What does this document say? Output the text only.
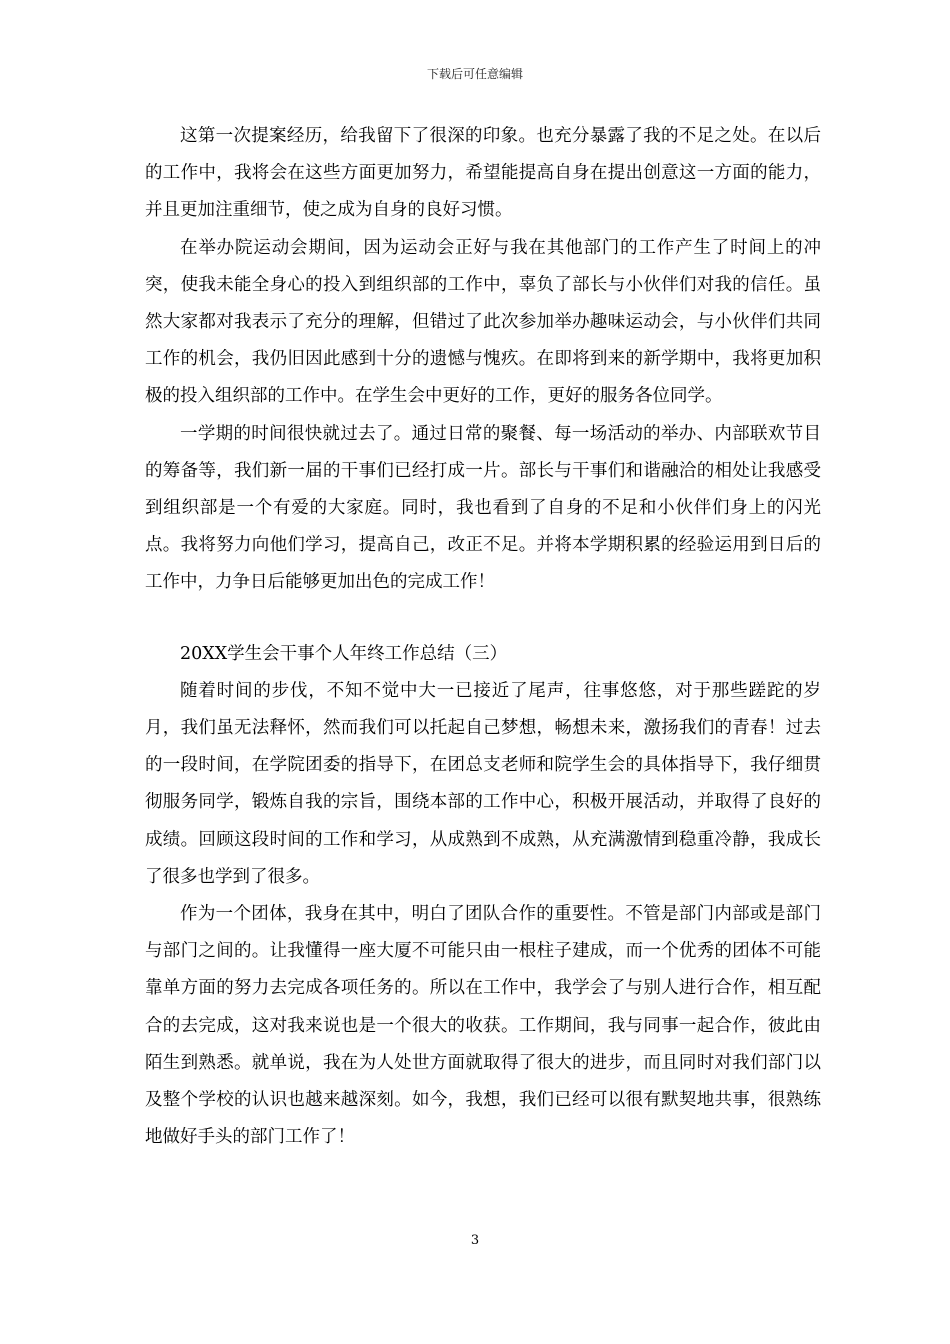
下载后可任意编辑

这第一次提案经历，给我留下了很深的印象。也充分暴露了我的不足之处。在以后的工作中，我将会在这些方面更加努力，希望能提高自身在提出创意这一方面的能力，并且更加注重细节，使之成为自身的良好习惯。

在举办院运动会期间，因为运动会正好与我在其他部门的工作产生了时间上的冲突，使我未能全身心的投入到组织部的工作中，辜负了部长与小伙伴们对我的信任。虽然大家都对我表示了充分的理解，但错过了此次参加举办趣味运动会，与小伙伴们共同工作的机会，我仍旧因此感到十分的遗憾与愧疚。在即将到来的新学期中，我将更加积极的投入组织部的工作中。在学生会中更好的工作，更好的服务各位同学。

一学期的时间很快就过去了。通过日常的聚餐、每一场活动的举办、内部联欢节目的筹备等，我们新一届的干事们已经打成一片。部长与干事们和谐融洽的相处让我感受到组织部是一个有爱的大家庭。同时，我也看到了自身的不足和小伙伴们身上的闪光点。我将努力向他们学习，提高自己，改正不足。并将本学期积累的经验运用到日后的工作中，力争日后能够更加出色的完成工作！

20XX学生会干事个人年终工作总结（三）

随着时间的步伐，不知不觉中大一已接近了尾声，往事悠悠，对于那些蹉跎的岁月，我们虽无法释怀，然而我们可以托起自己梦想，畅想未来，激扬我们的青春！过去的一段时间，在学院团委的指导下，在团总支老师和院学生会的具体指导下，我仔细贯彻服务同学，锻炼自我的宗旨，围绕本部的工作中心，积极开展活动，并取得了良好的成绩。回顾这段时间的工作和学习，从成熟到不成熟，从充满激情到稳重冷静，我成长了很多也学到了很多。

作为一个团体，我身在其中，明白了团队合作的重要性。不管是部门内部或是部门与部门之间的。让我懂得一座大厦不可能只由一根柱子建成，而一个优秀的团体不可能靠单方面的努力去完成各项任务的。所以在工作中，我学会了与别人进行合作，相互配合的去完成，这对我来说也是一个很大的收获。工作期间，我与同事一起合作，彼此由陌生到熟悉。就单说，我在为人处世方面就取得了很大的进步，而且同时对我们部门以及整个学校的认识也越来越深刻。如今，我想，我们已经可以很有默契地共事，很熟练地做好手头的部门工作了！

3
